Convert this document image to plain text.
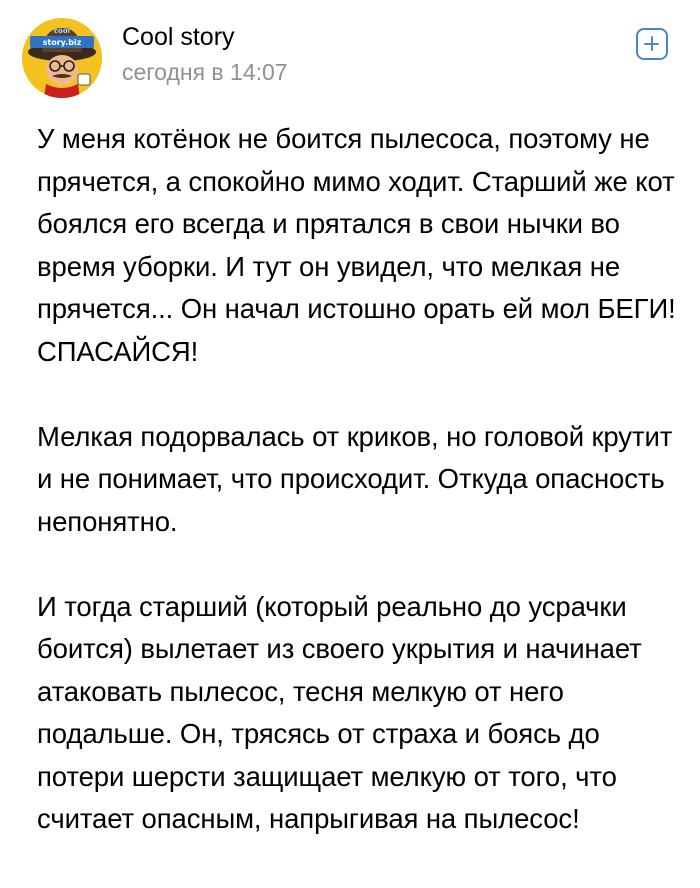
cool
story.biz Cool story
сегодня в 14:07

У меня котёнок не боится пылесоса, поэтому не прячется, а спокойно мимо ходит. Старший же кот боялся его всегда и прятался в свои нычки во время уборки. И тут он увидел, что мелкая не прячется... Он начал истошно орать ей мол БЕГИ! СПАСАЙСЯ!

Мелкая подорвалась от криков, но головой крутит и не понимает, что происходит. Откуда опасность непонятно.

И тогда старший (который реально до усрачки боится) вылетает из своего укрытия и начинает атаковать пылесос, тесня мелкую от него подальше. Он, трясясь от страха и боясь до потери шерсти защищает мелкую от того, что считает опасным, напрыгивая на пылесос!
